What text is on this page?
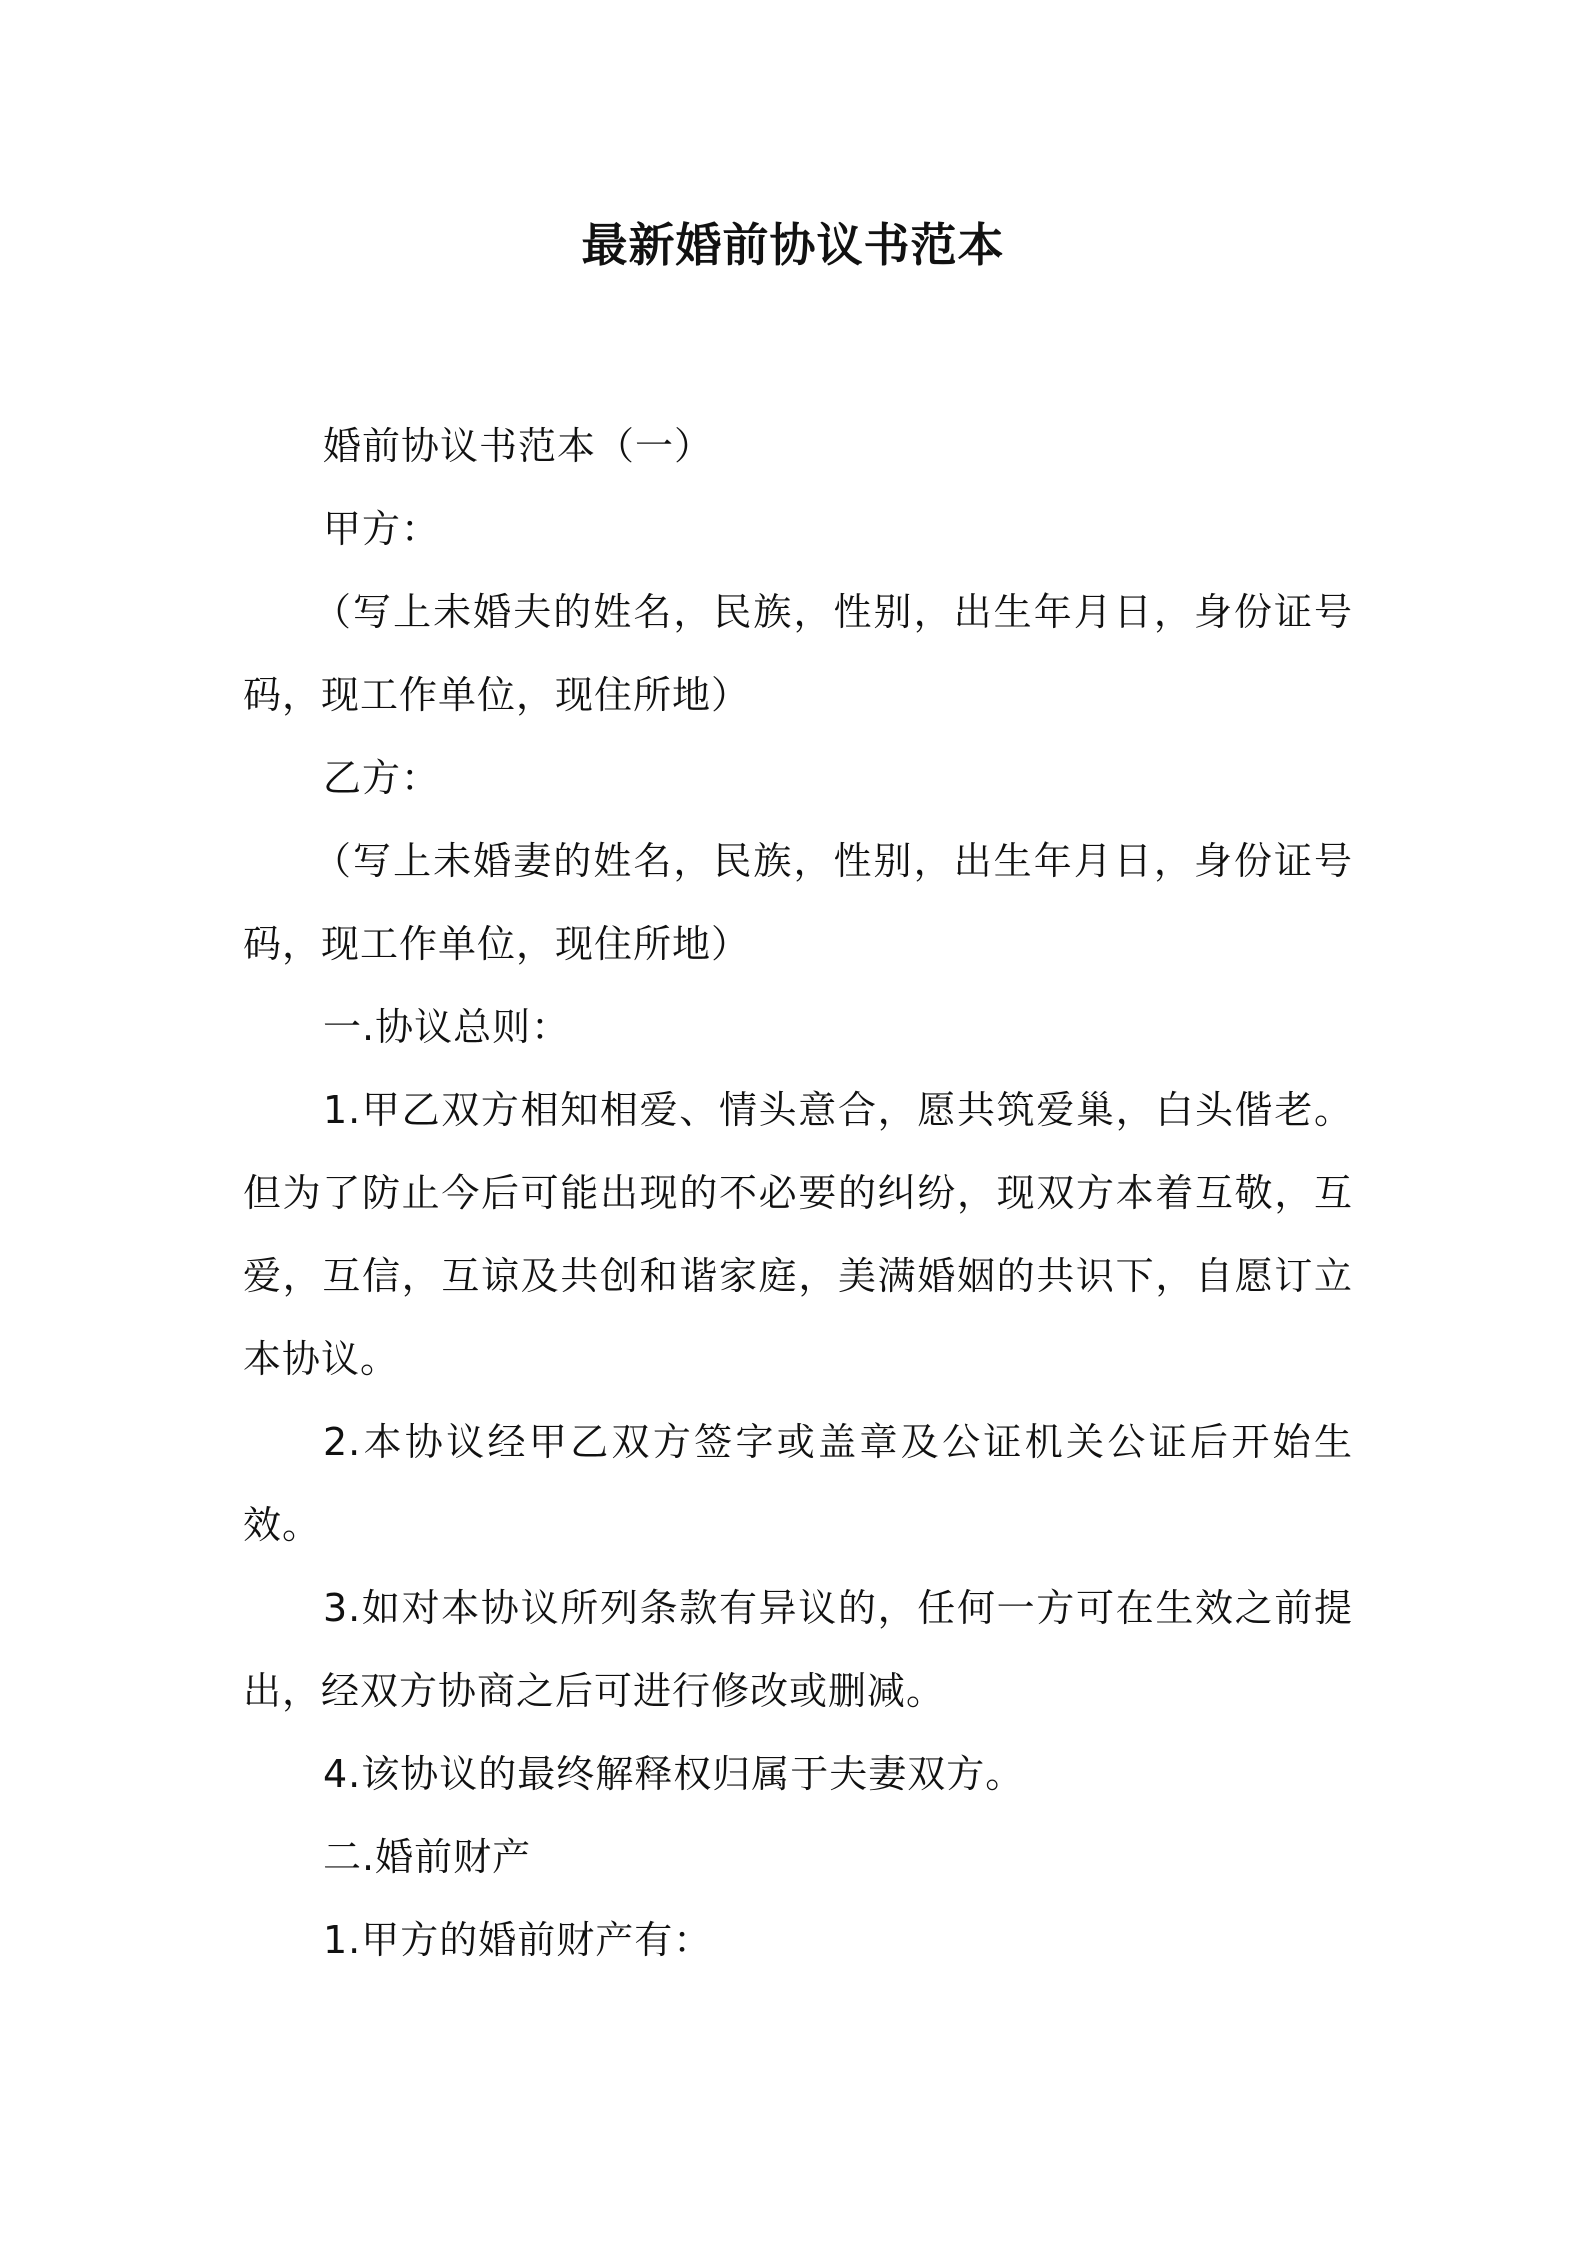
最新婚前协议书范本

婚前协议书范本（一）

甲方：

（写上未婚夫的姓名，民族，性别，出生年月日，身份证号码，现工作单位，现住所地）

乙方：

（写上未婚妻的姓名，民族，性别，出生年月日，身份证号码，现工作单位，现住所地）

一.协议总则：

1.甲乙双方相知相爱、情头意合，愿共筑爱巢，白头偕老。但为了防止今后可能出现的不必要的纠纷，现双方本着互敬，互爱，互信，互谅及共创和谐家庭，美满婚姻的共识下，自愿订立本协议。

2.本协议经甲乙双方签字或盖章及公证机关公证后开始生效。

3.如对本协议所列条款有异议的，任何一方可在生效之前提出，经双方协商之后可进行修改或删减。

4.该协议的最终解释权归属于夫妻双方。

二.婚前财产

1.甲方的婚前财产有：
